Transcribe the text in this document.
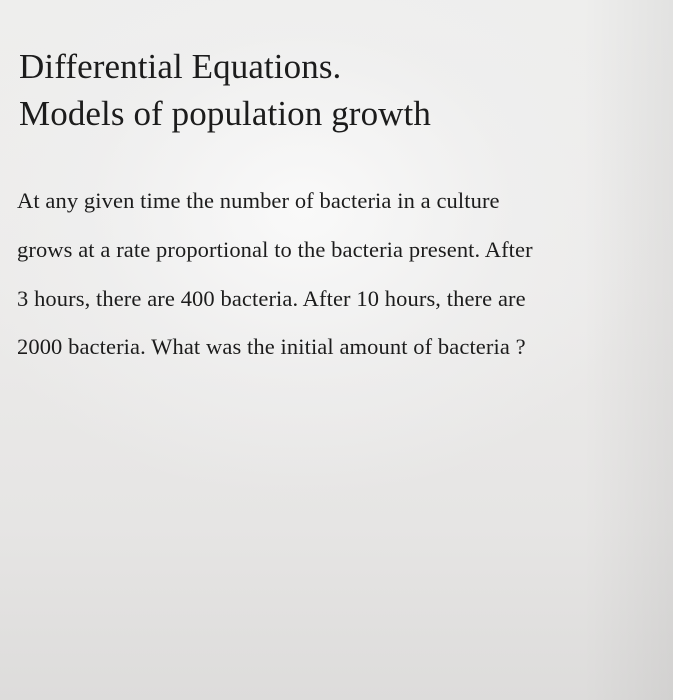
Differential Equations.
Models of population growth

At any given time the number of bacteria in a culture

grows at a rate proportional to the bacteria present. After

3 hours, there are 400 bacteria. After 10 hours, there are

2000 bacteria. What was the initial amount of bacteria ?
